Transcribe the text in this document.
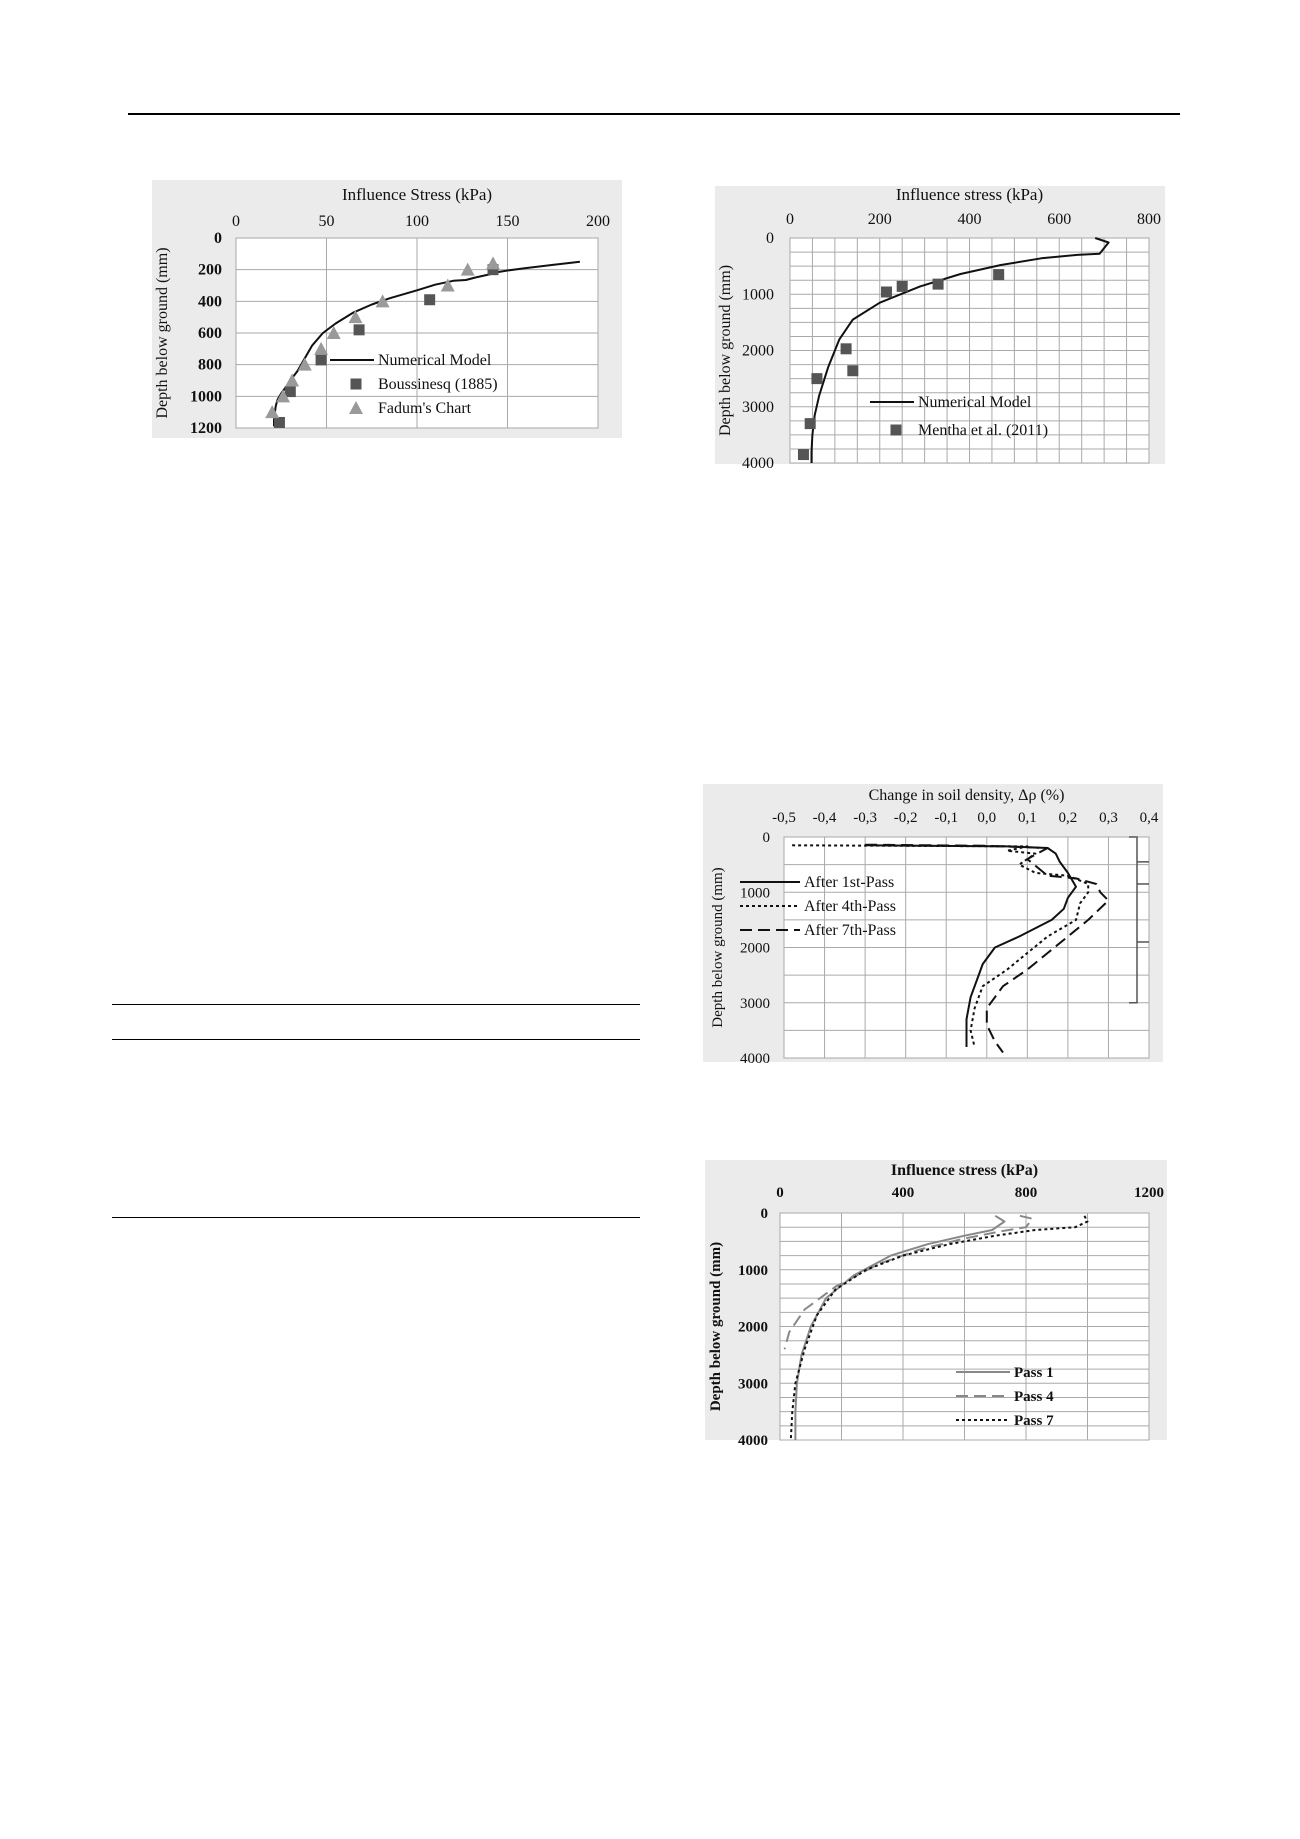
0	50	100	150	200
0
200
400
600
800
1000
1200
Influence Stress (kPa)
Depth below ground (mm)	Numerical Model
Boussinesq (1885)
Fadum's Chart
0	200	400	600	800
0
1000
2000
3000
4000
Influence stress (kPa)
Depth below ground (mm)	Numerical Model
Mentha et al. (2011)
-0,5 -0,4 -0,3 -0,2 -0,1 0,0 0,1 0,2 0,3 0,4
0
1000
2000
3000
4000
Change in soil density, Δρ (%)
Depth below ground (mm)	After 1st-Pass
After 4th-Pass
After 7th-Pass
0	400	800	1200
0
1000
2000
3000
4000
Influence stress (kPa)
Depth below ground (mm)	Pass 1
Pass 4
Pass 7
